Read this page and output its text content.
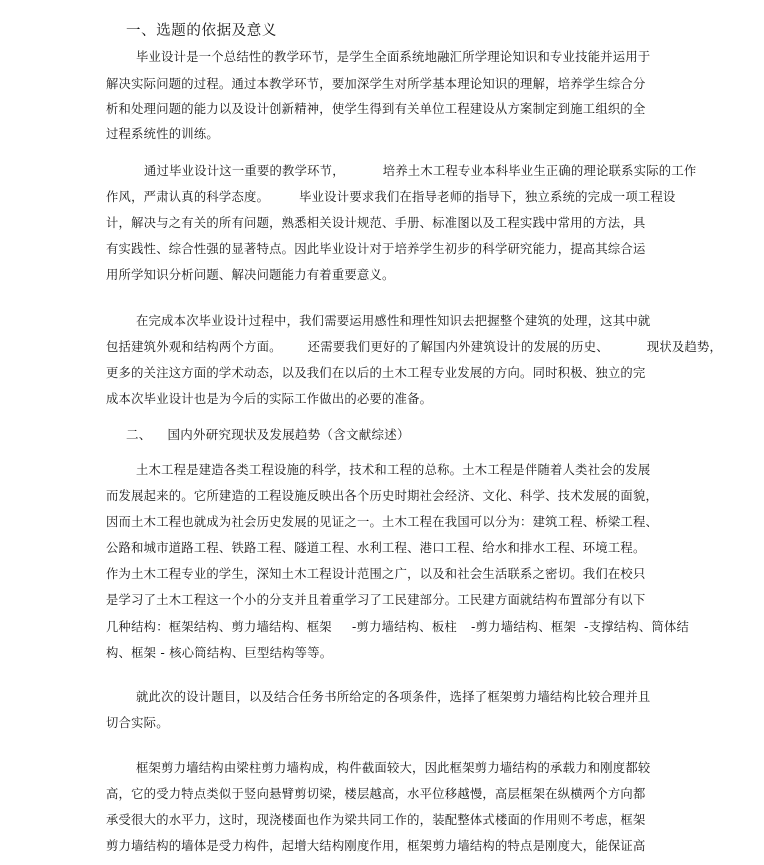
一、选题的依据及意义
毕业设计是一个总结性的教学环节，是学生全面系统地融汇所学理论知识和专业技能并运用于
解决实际问题的过程。通过本教学环节，要加深学生对所学基本理论知识的理解，培养学生综合分
析和处理问题的能力以及设计创新精神，使学生得到有关单位工程建设从方案制定到施工组织的全
过程系统性的训练。
通过毕业设计这一重要的教学环节，	培养土木工程专业本科毕业生正确的理论联系实际的工作
作风，严肃认真的科学态度。 毕业设计要求我们在指导老师的指导下，独立系统的完成一项工程设
计，解决与之有关的所有问题，熟悉相关设计规范、手册、标准图以及工程实践中常用的方法，具
有实践性、综合性强的显著特点。因此毕业设计对于培养学生初步的科学研究能力，提高其综合运
用所学知识分析问题、解决问题能力有着重要意义。
在完成本次毕业设计过程中，我们需要运用感性和理性知识去把握整个建筑的处理，这其中就
包括建筑外观和结构两个方面。 还需要我们更好的了解国内外建筑设计的发展的历史、	现状及趋势，
更多的关注这方面的学术动态，以及我们在以后的土木工程专业发展的方向。同时积极、独立的完
成本次毕业设计也是为今后的实际工作做出的必要的准备。
二、 国内外研究现状及发展趋势（含文献综述）
土木工程是建造各类工程设施的科学，技术和工程的总称。土木工程是伴随着人类社会的发展
而发展起来的。它所建造的工程设施反映出各个历史时期社会经济、文化、科学、技术发展的面貌，
因而土木工程也就成为社会历史发展的见证之一。土木工程在我国可以分为：建筑工程、桥梁工程、
公路和城市道路工程、铁路工程、隧道工程、水利工程、港口工程、给水和排水工程、环境工程。
作为土木工程专业的学生，深知土木工程设计范围之广，以及和社会生活联系之密切。我们在校只
是学习了土木工程这一个小的分支并且着重学习了工民建部分。工民建方面就结构布置部分有以下
几种结构：框架结构、剪力墙结构、框架 -剪力墙结构、板柱 -剪力墙结构、框架 -支撑结构、筒体结
构、框架 - 核心筒结构、巨型结构等等。
就此次的设计题目，以及结合任务书所给定的各项条件，选择了框架剪力墙结构比较合理并且
切合实际。
框架剪力墙结构由梁柱剪力墙构成，构件截面较大，因此框架剪力墙结构的承载力和刚度都较
高，它的受力特点类似于竖向悬臂剪切梁，楼层越高，水平位移越慢，高层框架在纵横两个方向都
承受很大的水平力，这时，现浇楼面也作为梁共同工作的，装配整体式楼面的作用则不考虑，框架
剪力墙结构的墙体是受力构件，起增大结构刚度作用，框架剪力墙结构的特点是刚度大，能保证高
